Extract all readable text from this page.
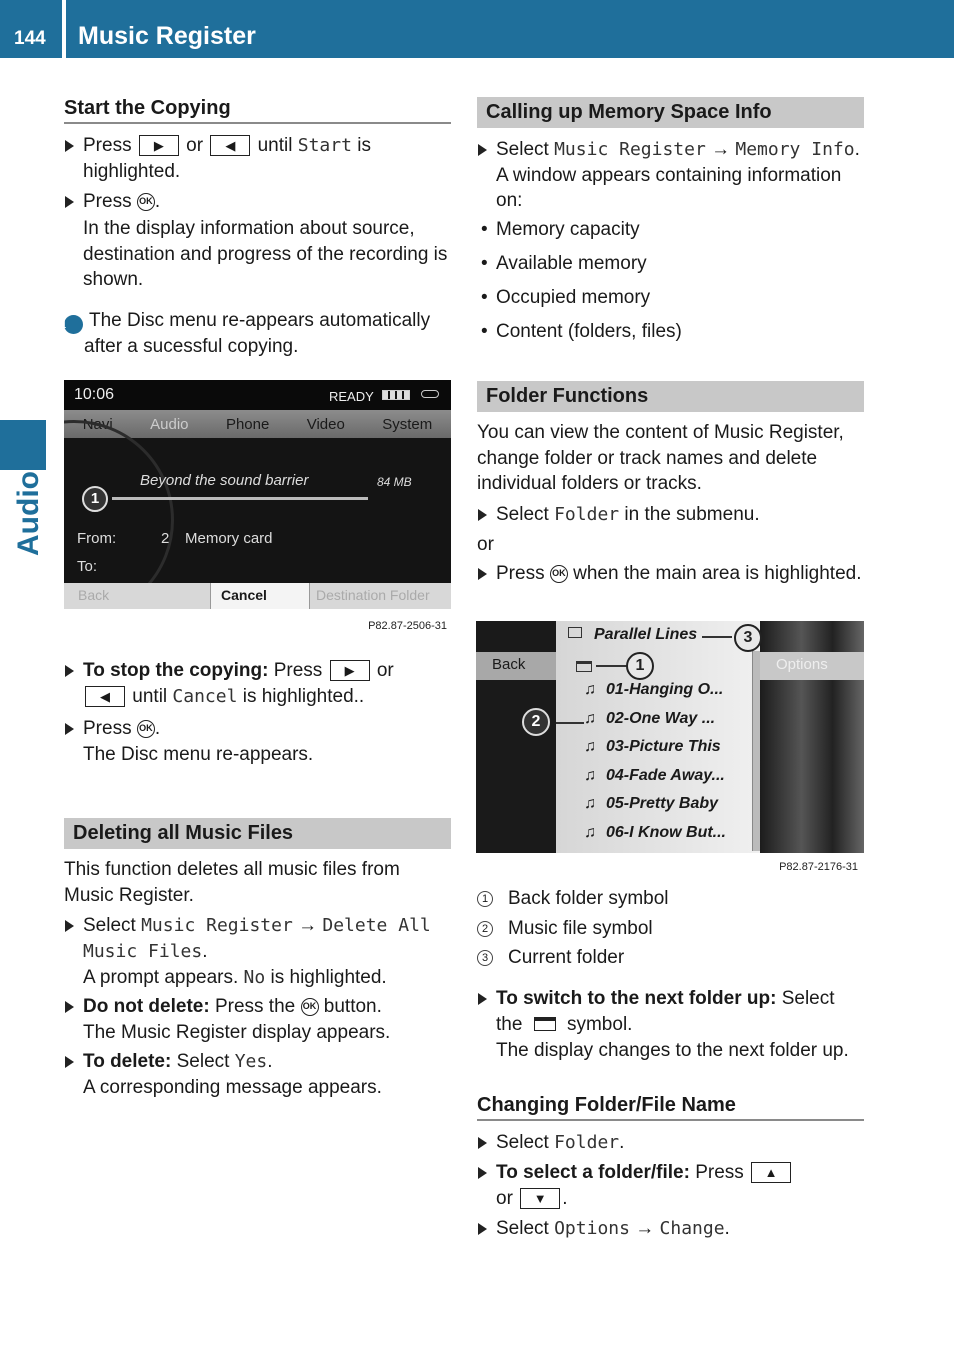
144 Music Register
Audio
Start the Copying
Press ▶ or ◀ until Start is highlighted.
Press OK .
In the display information about source, destination and progress of the recording is shown.
i The Disc menu re-appears automatically after a sucessful copying.
10:06	READY
Navi Audio Phone Video System
Beyond the sound barrier	84 MB
1
From:	2 Memory card
To:
Back	Cancel	Destination Folder
P82.87-2506-31
To stop the copying: Press ▶ or
◀ until Cancel is highlighted..
Press OK .
The Disc menu re-appears.
Deleting all Music Files
This function deletes all music files from Music Register.
Select Music Register → Delete All
Music Files.
A prompt appears. No is highlighted.
Do not delete: Press the OK button.
The Music Register display appears.
To delete: Select Yes.
A corresponding message appears.
Calling up Memory Space Info
Select Music Register → Memory Info.
A window appears containing information on:
• Memory capacity
• Available memory
• Occupied memory
• Content (folders, files)
Folder Functions
You can view the content of Music Register, change folder or track names and delete individual folders or tracks.
Select Folder in the submenu.
or
Press OK when the main area is highlighted.
Back
Parallel Lines
♫ 01-Hanging O...
♫ 02-One Way ...
♫ 03-Picture This
♫ 04-Fade Away...
♫ 05-Pretty Baby
♫ 06-I Know But...
Options
1
2
3
P82.87-2176-31
1 Back folder symbol
2 Music file symbol
3 Current folder
To switch to the next folder up: Select the symbol.
The display changes to the next folder up.
Changing Folder/File Name
Select Folder.
To select a folder/file: Press ▲
or ▼ .
Select Options → Change.
